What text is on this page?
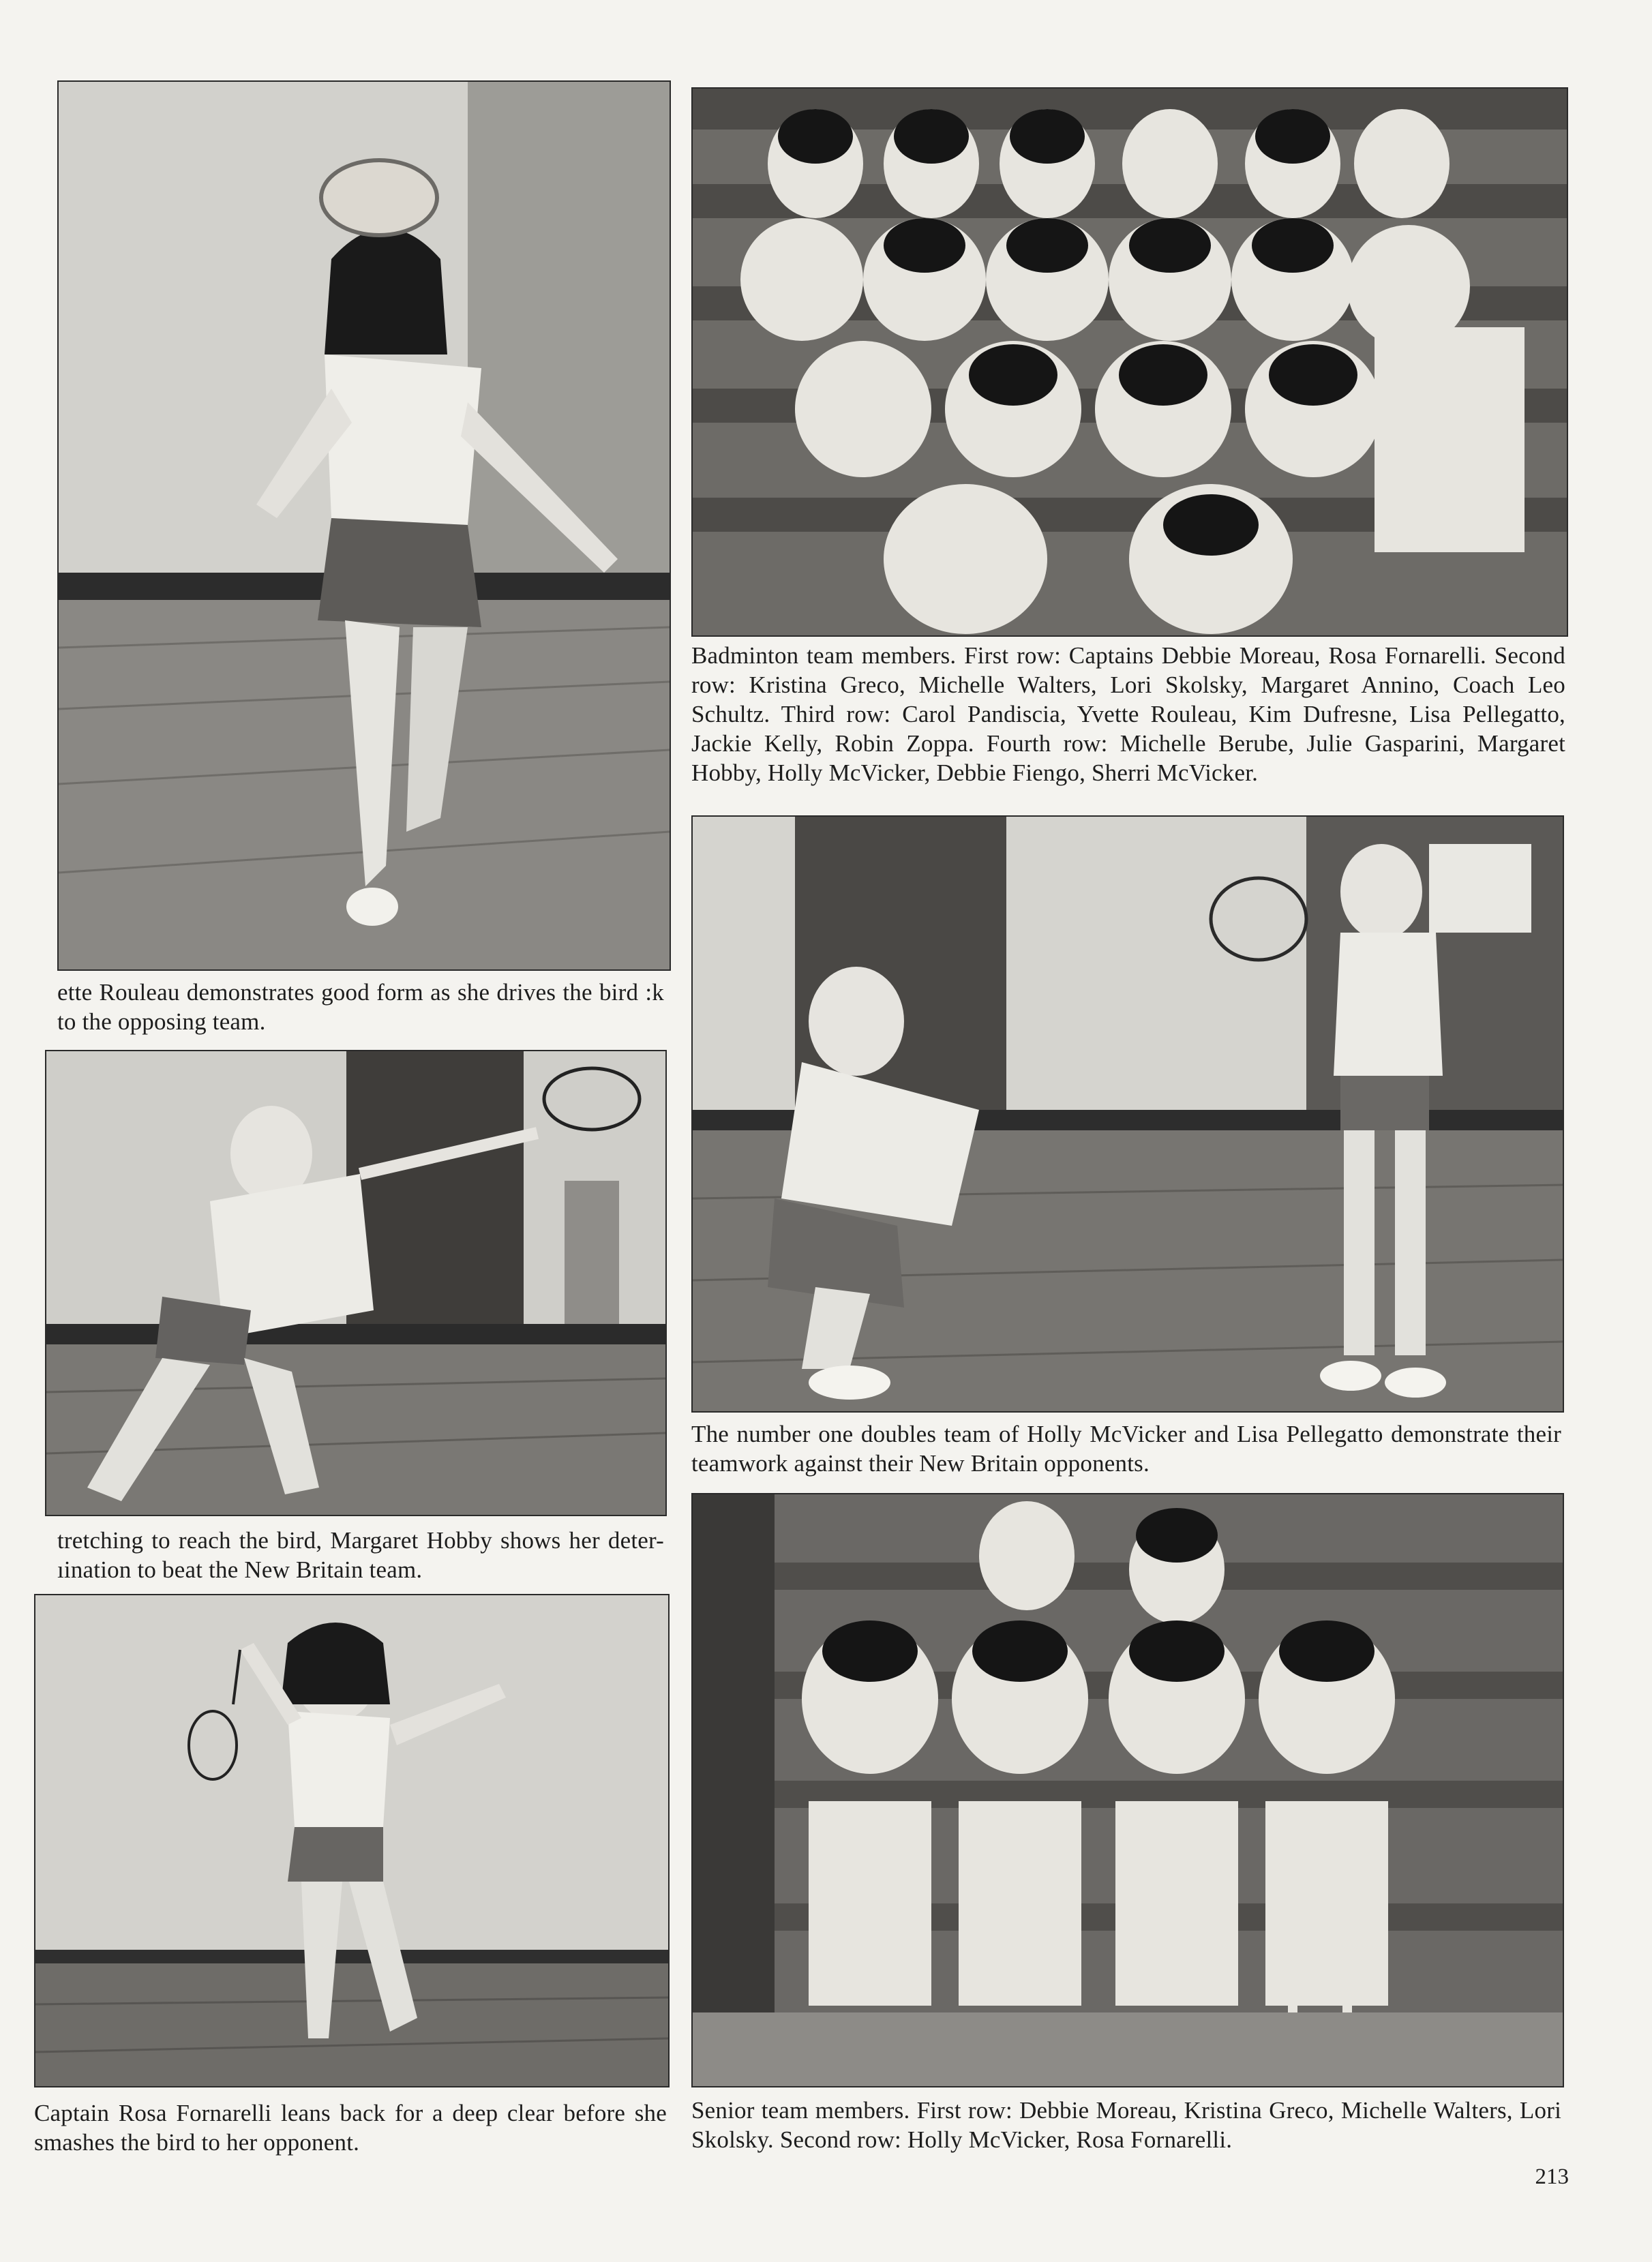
Badminton team members. First row: Captains Debbie Moreau, Rosa Fornarelli. Second row: Kristina Greco, Michelle Walters, Lori Skolsky, Margaret Annino, Coach Leo Schultz. Third row: Carol Pandiscia, Yvette Rouleau, Kim Dufresne, Lisa Pellegatto, Jackie Kelly, Robin Zoppa. Fourth row: Michelle Berube, Julie Gasparini, Margaret Hobby, Holly McVicker, Debbie Fiengo, Sherri McVicker.

The number one doubles team of Holly McVicker and Lisa Pellegatto demonstrate their teamwork against their New Britain opponents.

ette Rouleau demonstrates good form as she drives the bird :k to the opposing team.

tretching to reach the bird, Margaret Hobby shows her deter- ıination to beat the New Britain team.

Captain Rosa Fornarelli leans back for a deep clear before she smashes the bird to her opponent.

Senior team members. First row: Debbie Moreau, Kristina Greco, Michelle Walters, Lori Skolsky. Second row: Holly McVicker, Rosa Fornarelli.

213
